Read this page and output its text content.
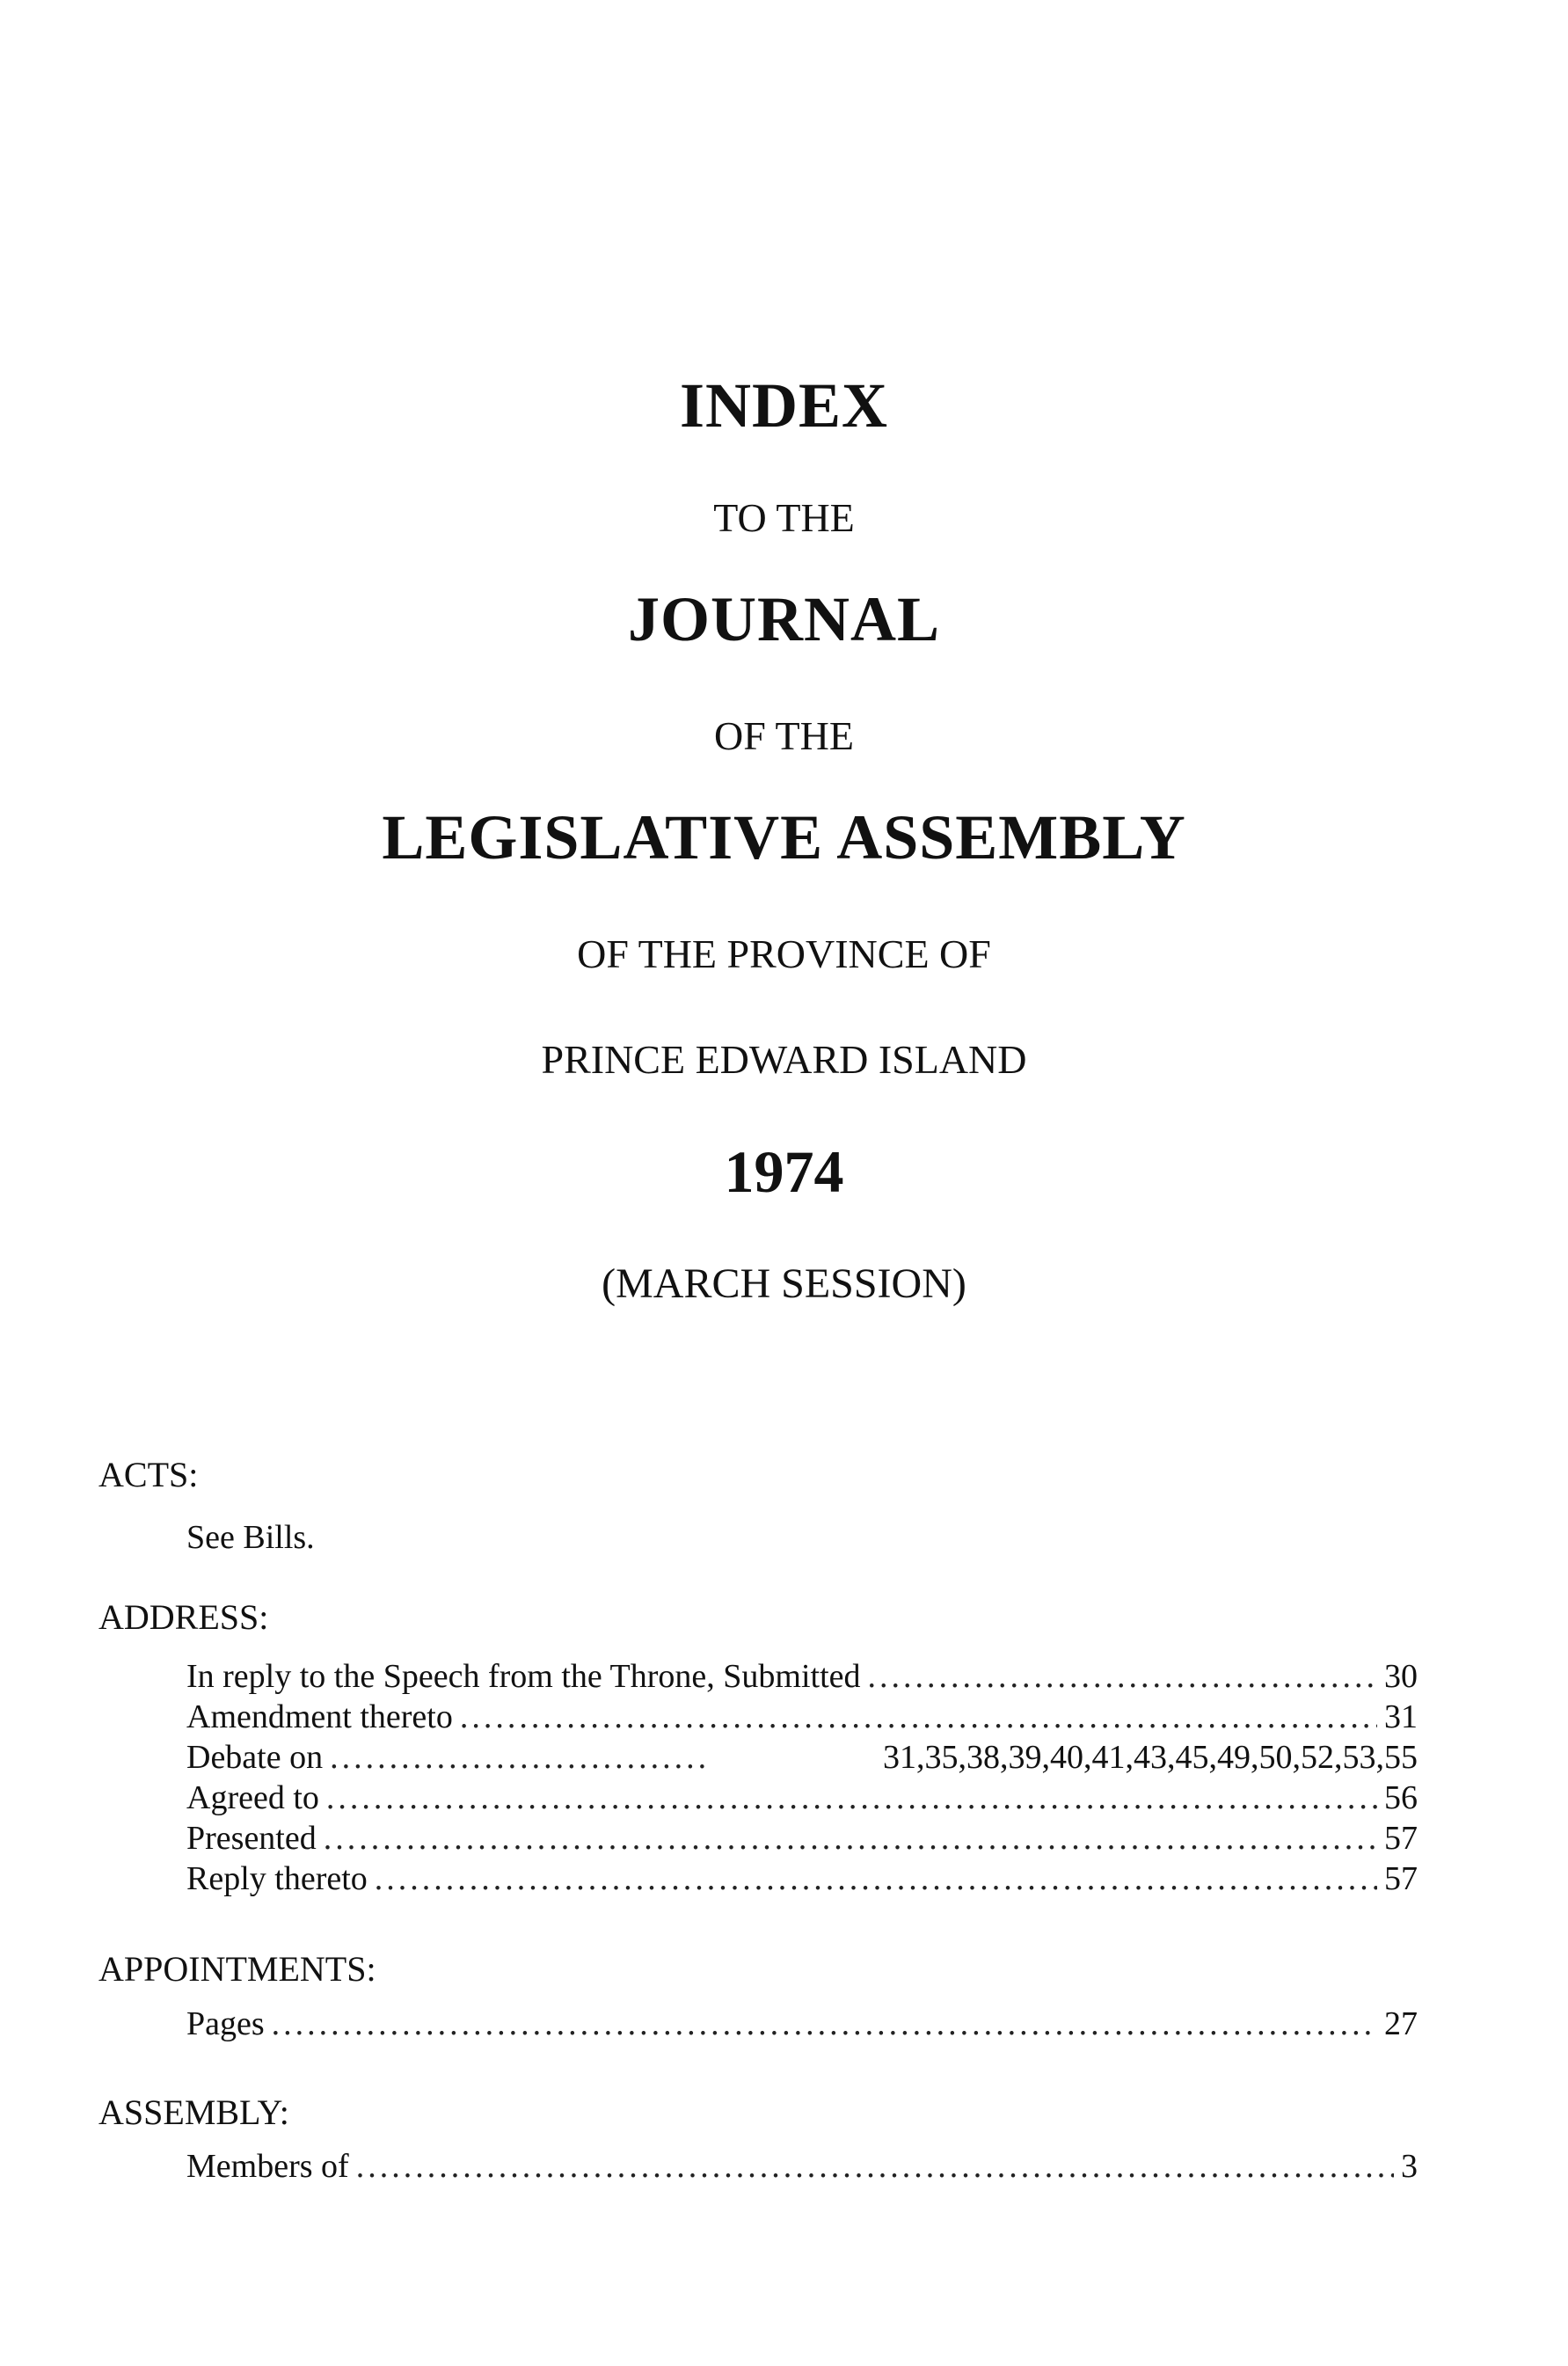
INDEX
TO THE
JOURNAL
OF THE
LEGISLATIVE ASSEMBLY
OF THE PROVINCE OF
PRINCE EDWARD ISLAND
1974
(MARCH SESSION)
ACTS:
See Bills.
ADDRESS:
In reply to the Speech from the Throne, Submitted .....	30
Amendment thereto .....	31
Debate on .....	31,35,38,39,40,41,43,45,49,50,52,53,55
Agreed to .....	56
Presented .....	57
Reply thereto .....	57
APPOINTMENTS:
Pages .....	27
ASSEMBLY:
Members of .....	3
